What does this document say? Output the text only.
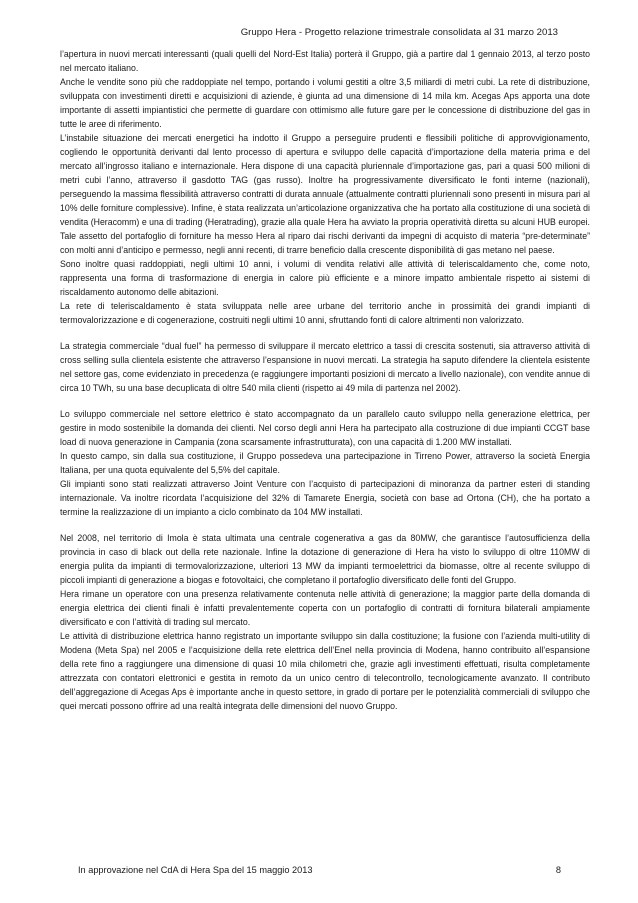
Gruppo Hera - Progetto relazione trimestrale consolidata al 31 marzo 2013

l’apertura in nuovi mercati interessanti (quali quelli del Nord-Est Italia) porterà il Gruppo, già a partire dal 1 gennaio 2013, al terzo posto nel mercato italiano.

Anche le vendite sono più che raddoppiate nel tempo, portando i volumi gestiti a oltre 3,5 miliardi di metri cubi. La rete di distribuzione, sviluppata con investimenti diretti e acquisizioni di aziende, è giunta ad una dimensione di 14 mila km. Acegas Aps apporta una dote importante di assetti impiantistici che permette di guardare con ottimismo alle future gare per le concessione di distribuzione del gas in tutte le aree di riferimento.

L’instabile situazione dei mercati energetici ha indotto il Gruppo a perseguire prudenti e flessibili politiche di approvvigionamento, cogliendo le opportunità derivanti dal lento processo di apertura e sviluppo delle capacità d’importazione della materia prima e del mercato all’ingrosso italiano e internazionale. Hera dispone di una capacità pluriennale d’importazione gas, pari a quasi 500 milioni di metri cubi l’anno, attraverso il gasdotto TAG (gas russo). Inoltre ha progressivamente diversificato le fonti interne (nazionali), perseguendo la massima flessibilità attraverso contratti di durata annuale (attualmente contratti pluriennali sono presenti in misura pari al 10% delle forniture complessive). Infine, è stata realizzata un’articolazione organizzativa che ha portato alla costituzione di una società di vendita (Heracomm) e una di trading (Heratrading), grazie alla quale Hera ha avviato la propria operatività diretta su alcuni HUB europei. Tale assetto del portafoglio di forniture ha messo Hera al riparo dai rischi derivanti da impegni di acquisto di materia “pre-determinate” con molti anni d’anticipo e permesso, negli anni recenti, di trarre beneficio dalla crescente disponibilità di gas metano nel paese.

Sono inoltre quasi raddoppiati, negli ultimi 10 anni, i volumi di vendita relativi alle attività di teleriscaldamento che, come noto, rappresenta una forma di trasformazione di energia in calore più efficiente e a minore impatto ambientale rispetto ai sistemi di riscaldamento autonomo delle abitazioni.

La rete di teleriscaldamento è stata sviluppata nelle aree urbane del territorio anche in prossimità dei grandi impianti di termovalorizzazione e di cogenerazione, costruiti negli ultimi 10 anni, sfruttando fonti di calore altrimenti non valorizzato.

La strategia commerciale “dual fuel” ha permesso di sviluppare il mercato elettrico a tassi di crescita sostenuti, sia attraverso attività di cross selling sulla clientela esistente che attraverso l’espansione in nuovi mercati. La strategia ha saputo difendere la clientela esistente nel settore gas, come evidenziato in precedenza (e raggiungere importanti posizioni di mercato a livello nazionale), con vendite annue di circa 10 TWh, su una base decuplicata di oltre 540 mila clienti (rispetto ai 49 mila di partenza nel 2002).

Lo sviluppo commerciale nel settore elettrico è stato accompagnato da un parallelo cauto sviluppo nella generazione elettrica, per gestire in modo sostenibile la domanda dei clienti. Nel corso degli anni Hera ha partecipato alla costruzione di due impianti CCGT base load di nuova generazione in Campania (zona scarsamente infrastrutturata), con una capacità di 1.200 MW installati.

In questo campo, sin dalla sua costituzione, il Gruppo possedeva una partecipazione in Tirreno Power, attraverso la società Energia Italiana, per una quota equivalente del 5,5% del capitale.

Gli impianti sono stati realizzati attraverso Joint Venture con l’acquisto di partecipazioni di minoranza da partner esteri di standing internazionale. Va inoltre ricordata l’acquisizione del 32% di Tamarete Energia, società con base ad Ortona (CH), che ha portato a termine la realizzazione di un impianto a ciclo combinato da 104 MW installati.

Nel 2008, nel territorio di Imola è stata ultimata una centrale cogenerativa a gas da 80MW, che garantisce l’autosufficienza della provincia in caso di black out della rete nazionale. Infine la dotazione di generazione di Hera ha visto lo sviluppo di oltre 110MW di energia pulita da impianti di termovalorizzazione, ulteriori 13 MW da impianti termoelettrici da biomasse, oltre al recente sviluppo di piccoli impianti di generazione a biogas e fotovoltaici, che completano il portafoglio diversificato delle fonti del Gruppo.

Hera rimane un operatore con una presenza relativamente contenuta nelle attività di generazione; la maggior parte della domanda di energia elettrica dei clienti finali è infatti prevalentemente coperta con un portafoglio di contratti di fornitura bilaterali ampiamente diversificato e con l’attività di trading sul mercato.

Le attività di distribuzione elettrica hanno registrato un importante sviluppo sin dalla costituzione; la fusione con l’azienda multi-utility di Modena (Meta Spa) nel 2005 e l’acquisizione della rete elettrica dell’Enel nella provincia di Modena, hanno contribuito all’espansione della rete fino a raggiungere una dimensione di quasi 10 mila chilometri che, grazie agli investimenti effettuati, risulta completamente attrezzata con contatori elettronici e gestita in remoto da un unico centro di telecontrollo, tecnologicamente avanzato. Il contributo dell’aggregazione di Acegas Aps è importante anche in questo settore, in grado di portare per le potenzialità commerciali di sviluppo che quei mercati possono offrire ad una realtà integrata delle dimensioni del nuovo Gruppo.

In approvazione nel CdA di Hera Spa del 15 maggio 2013	8
